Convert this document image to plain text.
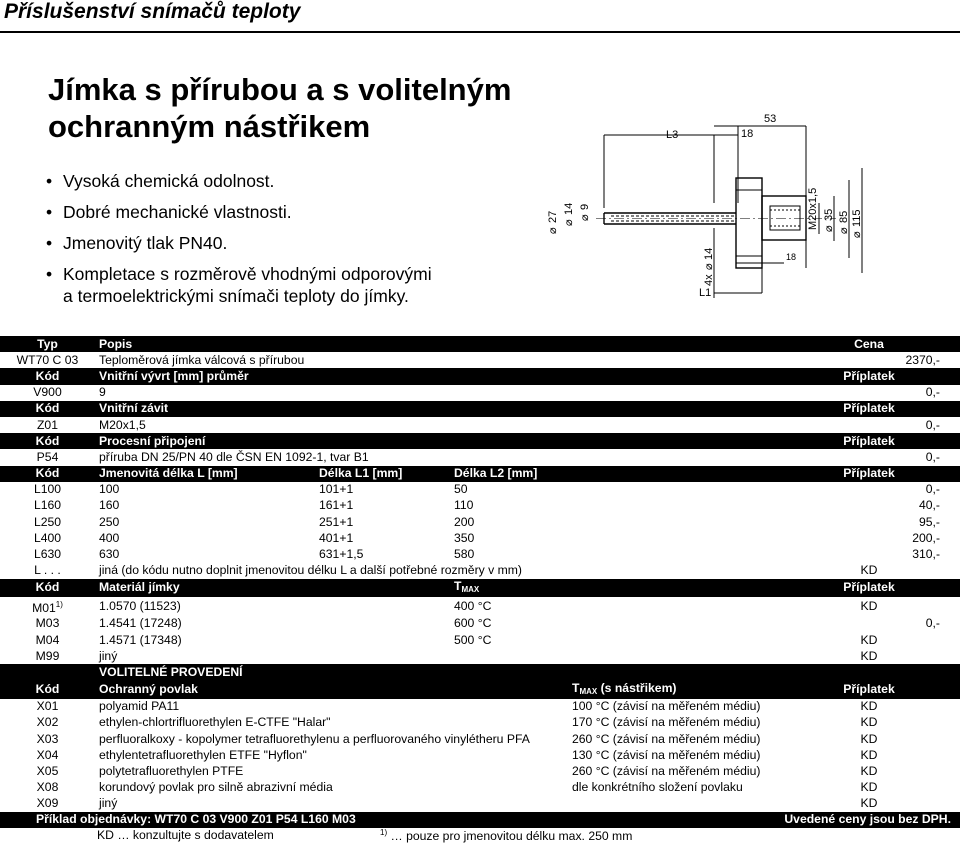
Příslušenství snímačů teploty
Jímka s přírubou a s volitelným
ochranným nástřikem
• Vysoká chemická odolnost.
• Dobré mechanické vlastnosti.
• Jmenovitý tlak PN40.
• Kompletace s rozměrově vhodnými odporovými
a termoelektrickými snímači teploty do jímky.
L3	18
53
L1
18
⌀
27 ⌀
14
⌀
9
4x
⌀
14
M20x1,5 ⌀
35
⌀
85
⌀
115
Typ	Popis				Cena
WT70 C 03	Teploměrová jímka válcová s přírubou				2370,-
Kód	Vnitřní vývrt [mm] průměr				Příplatek
V900	9				0,-
Kód	Vnitřní závit				Příplatek
Z01	M20x1,5				0,-
Kód	Procesní připojení				Příplatek
P54	příruba DN 25/PN 40 dle ČSN EN 1092-1, tvar B1				0,-
Kód	Jmenovitá délka L [mm]	Délka L1 [mm]	Délka L2 [mm]		Příplatek
L100	100	101+1	50		0,-
L160	160	161+1	110		40,-
L250	250	251+1	200		95,-
L400	400	401+1	350		200,-
L630	630	631+1,5	580		310,-
L . . .	jiná (do kódu nutno doplnit jmenovitou délku L a další potřebné rozměry v mm)				KD
Kód	Materiál jímky		$T_{MAX}$		Příplatek
M01$^{1)}$	1.0570 (11523)		400 °C		KD
M03	1.4541 (17248)		600 °C		0,-
M04	1.4571 (17348)		500 °C		KD
M99	jiný				KD
	VOLITELNÉ PROVEDENÍ				
Kód	Ochranný povlak			$T_{MAX}$ (s nástřikem)	Příplatek
X01	polyamid PA11			100 °C (závisí na měřeném médiu)	KD
X02	ethylen-chlortrifluorethylen E-CTFE "Halar"			170 °C (závisí na měřeném médiu)	KD
X03	perfluoralkoxy - kopolymer tetrafluorethylenu a perfluorovaného vinylétheru PFA			260 °C (závisí na měřeném médiu)	KD
X04	ethylentetrafluorethylen ETFE "Hyflon"			130 °C (závisí na měřeném médiu)	KD
X05	polytetrafluorethylen PTFE			260 °C (závisí na měřeném médiu)	KD
X08	korundový povlak pro silně abrazivní média			dle konkrétního složení povlaku	KD
X09	jiný				KD
Příklad objednávky: WT70 C 03 V900 Z01 P54 L160 M03				Uvedené ceny jsou bez DPH.	
KD … konzultujte s dodavatelem	$^{1)}$ … pouze pro jmenovitou délku max. 250 mm
